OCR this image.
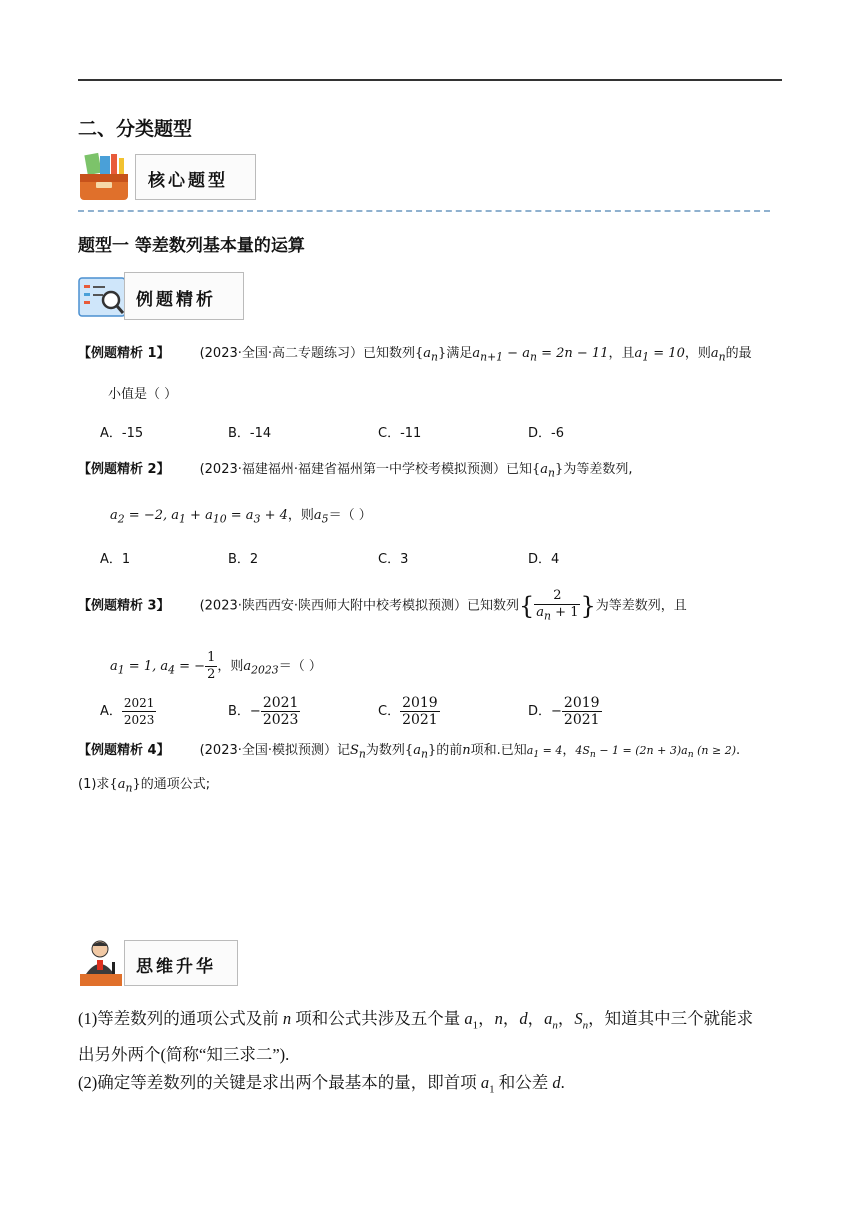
二、分类题型
核心题型
题型一 等差数列基本量的运算
例题精析
【例题精析 1】 (2023·全国·高二专题练习）已知数列$\{a_n\}$满足$a_{n+1} - a_n = 2n - 11$，且$a_1 = 10$，则$a_n$的最
小值是（ ）
A．-15	B．-14	C．-11	D．-6
【例题精析 2】 (2023·福建福州·福建省福州第一中学校考模拟预测）已知$\{a_n\}$为等差数列,
$a_2 = -2$, $a_1 + a_{10} = a_3 + 4$，则$a_5=$（ ）
A．1	B．2	C．3	D．4
【例题精析 3】 (2023·陕西西安·陕西师大附中校考模拟预测）已知数列{ $\frac{2}{a_n + 1}$ }为等差数列，且
$a_1 = 1$, $a_4$ = − $\frac{1}{2}$ ，则$a_{2023}=$（ ）
A． $\frac{2021}{2023}$	B．− $\frac{2021}{2023}$	C． $\frac{2019}{2021}$	D．− $\frac{2019}{2021}$
【例题精析 4】 (2023·全国·模拟预测）记$S_n$为数列$\{a_n\}$的前n项和.已知$a_1 = 4$，$4S_n - 1 = (2n + 3)a_n$ (n ≥ 2).
(1)求$\{a_n\}$的通项公式;
思维升华
(1)等差数列的通项公式及前 n 项和公式共涉及五个量 $a_1$，n，d，$a_n$，$S_n$，知道其中三个就能求
出另外两个(简称“知三求二”).
(2)确定等差数列的关键是求出两个最基本的量，即首项 $a_1$ 和公差 d.
